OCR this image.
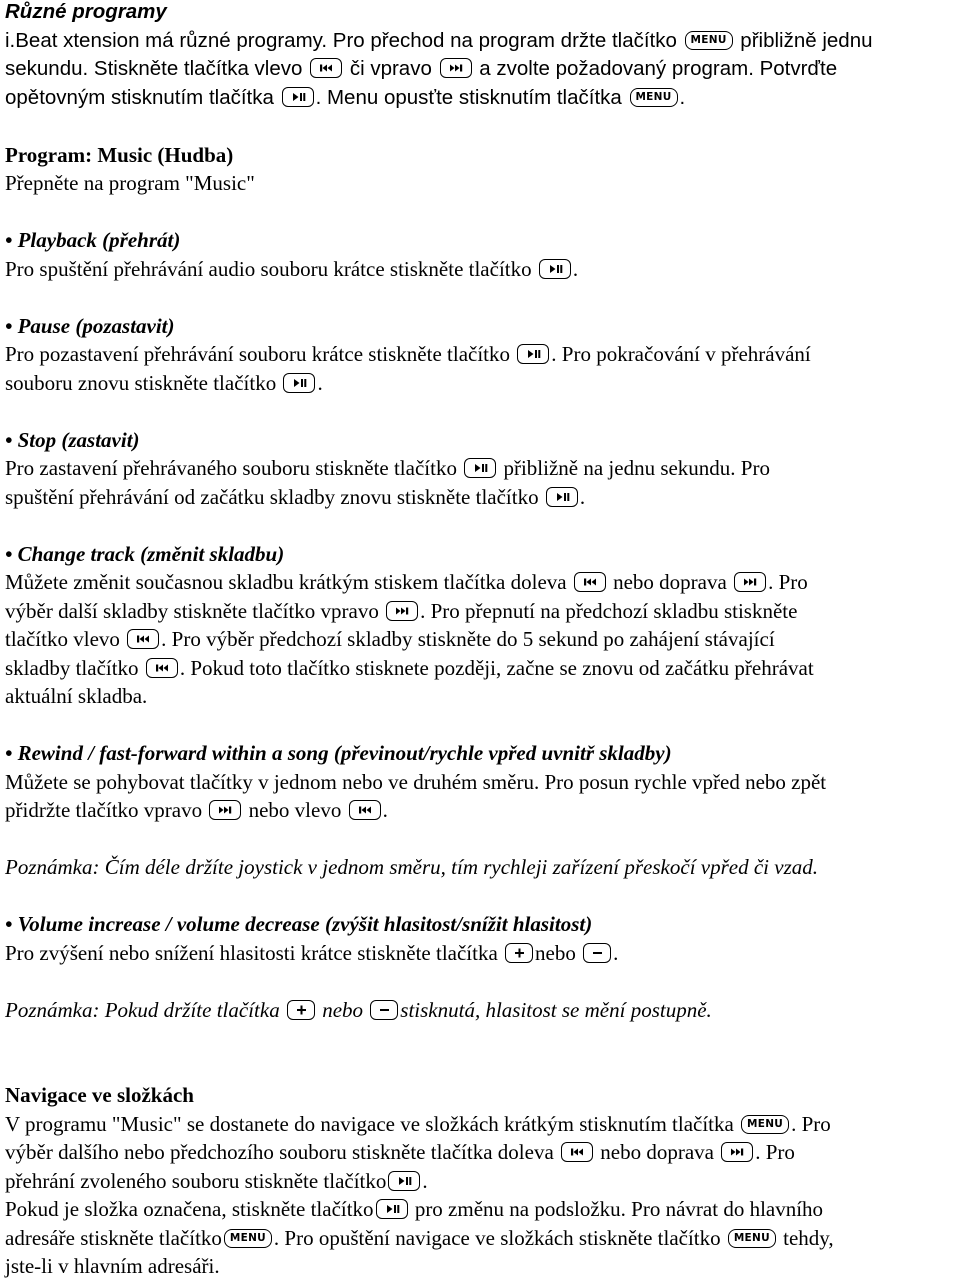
Různé programy
i.Beat xtension má různé programy. Pro přechod na program držte tlačítko	MENU přibližně jednu
sekundu. Stiskněte tlačítka vlevo či vpravo a zvolte požadovaný program. Potvrďte
opětovným stisknutím tlačítka . Menu opusťte stisknutím tlačítka	MENU .
Program: Music (Hudba)
Přepněte na program "Music"
• Playback (přehrát)
Pro spuštění přehrávání audio souboru krátce stiskněte tlačítko .
• Pause (pozastavit)
Pro pozastavení přehrávání souboru krátce stiskněte tlačítko . Pro pokračování v přehrávání
souboru znovu stiskněte tlačítko .
• Stop (zastavit)
Pro zastavení přehrávaného souboru stiskněte tlačítko přibližně na jednu sekundu. Pro
spuštění přehrávání od začátku skladby znovu stiskněte tlačítko .
• Change track (změnit skladbu)
Můžete změnit současnou skladbu krátkým stiskem tlačítka doleva nebo doprava . Pro
výběr další skladby stiskněte tlačítko vpravo . Pro přepnutí na předchozí skladbu stiskněte
tlačítko vlevo . Pro výběr předchozí skladby stiskněte do 5 sekund po zahájení stávající
skladby tlačítko . Pokud toto tlačítko stisknete později, začne se znovu od začátku přehrávat
aktuální skladba.
• Rewind / fast-forward within a song (převinout/rychle vpřed uvnitř skladby)
Můžete se pohybovat tlačítky v jednom nebo ve druhém směru. Pro posun rychle vpřed nebo zpět
přidržte tlačítko vpravo nebo vlevo .
Poznámka: Čím déle držíte joystick v jednom směru, tím rychleji zařízení přeskočí vpřed či vzad.
• Volume increase / volume decrease (zvýšit hlasitost/snížit hlasitost)
Pro zvýšení nebo snížení hlasitosti krátce stiskněte tlačítka nebo .
Poznámka: Pokud držíte tlačítka nebo stisknutá, hlasitost se mění postupně.
Navigace ve složkách
V programu "Music" se dostanete do navigace ve složkách krátkým stisknutím tlačítka	MENU . Pro
výběr dalšího nebo předchozího souboru stiskněte tlačítka doleva nebo doprava . Pro
přehrání zvoleného souboru stiskněte tlačítko .
Pokud je složka označena, stiskněte tlačítko pro změnu na podsložku. Pro návrat do hlavního
adresáře stiskněte tlačítko MENU . Pro opuštění navigace ve složkách stiskněte tlačítko	MENU tehdy,
jste-li v hlavním adresáři.
